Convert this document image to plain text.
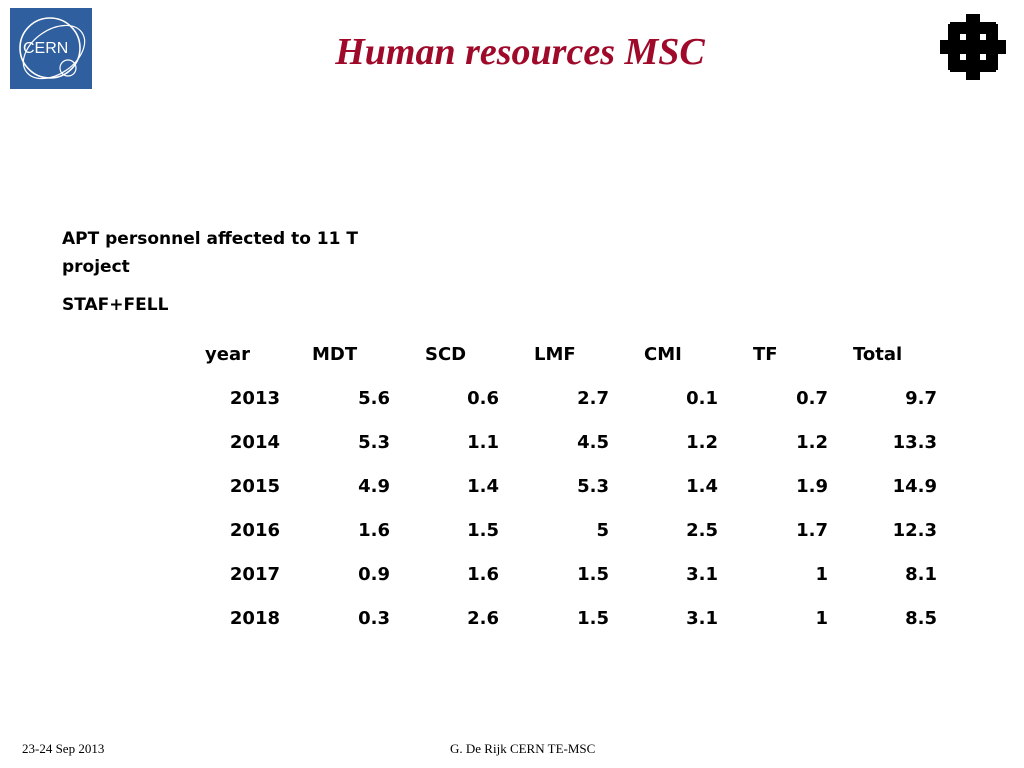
CERN	Human resources MSC
APT personnel affected to 11 T project
STAF+FELL
year	MDT	SCD	LMF	CMI	TF	Total
2013	5.6	0.6	2.7	0.1	0.7	9.7
2014	5.3	1.1	4.5	1.2	1.2	13.3
2015	4.9	1.4	5.3	1.4	1.9	14.9
2016	1.6	1.5	5	2.5	1.7	12.3
2017	0.9	1.6	1.5	3.1	1	8.1
2018	0.3	2.6	1.5	3.1	1	8.5
23-24 Sep 2013	G. De Rijk CERN TE-MSC
